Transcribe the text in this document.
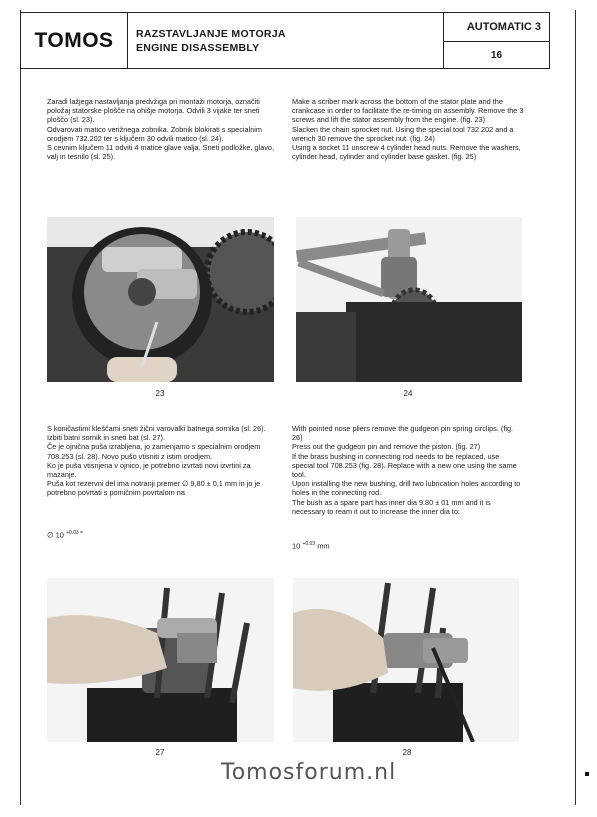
TOMOS	RAZSTAVLJANJE MOTORJA
ENGINE DISASSEMBLY
AUTOMATIC 3
16

Zaradi lažjega nastavljanja predvžiga pri montaži motorja, označiti položaj statorske plošče na ohišje motorja. Odvili 3 vijake ter sneti ploščo (sl. 23).

Odvarovati matico verižnega zobnika. Zobnik blokirati s specialnim orodjem 732.202 ter s ključem 30 odvili matico (sl. 24).

S cevnim ključem 11 odviti 4 matice glave valja. Sneti podložke, glavo, valj in tesnilo (sl. 25).

Make a scriber mark across the bottom of the stator plate and the crankcase in order to facilitate the re-timing on assembly. Remove the 3 screws and lift the stator assembly from the engine. (fig. 23)

Slacken the chain sprocket nut. Using the special tool 732.202 and a wrench 30 remove the sprocket nut. (fig. 24)

Using a socket 11 unscrew 4 cylinder head nuts. Remove the washers, cylinder head, cylinder and cylinder base gasket. (fig. 25)

23	24

S koničastimi kleščami sneti žični varovalki batnega sornika (sl. 26).

Izbiti batni sornik in sneti bat (sl. 27).

Če je ojnična puša izrabljena, jo zamenjamo s specialnim orodjem 708.253 (sl. 28). Novo pušo vtisniti z istim orodjem.

Ko je puša vtisnjena v ojnico, je potrebno izvrtati novi izvrtini za mazanje.

Puša kot rezervni del ima notranji premer ∅ 9,80 ± 0,1 mm in jo je potrebno povrtati s pomičnim povrtalom na

∅ 10 $^{+0.03}$ =

With pointed nose pliers remove the gudgeon pin spring circlips. (fig. 26)

Press out the gudgeon pin and remove the piston. (fig. 27)

If the brass bushing in connecting rod needs to be replaced, use special tool 708.253 (fig. 28). Replace with a new one using the same tool.

Upon installing the new bushing, drill two lubrication holes according to holes in the connecting rod.

The bush as a spare part has inner dia 9.80 ± 01 mm and it is necessary to ream it out to increase the inner dia to:

10 $^{+0.03}$ mm
27	28
Tomosforum.nl
